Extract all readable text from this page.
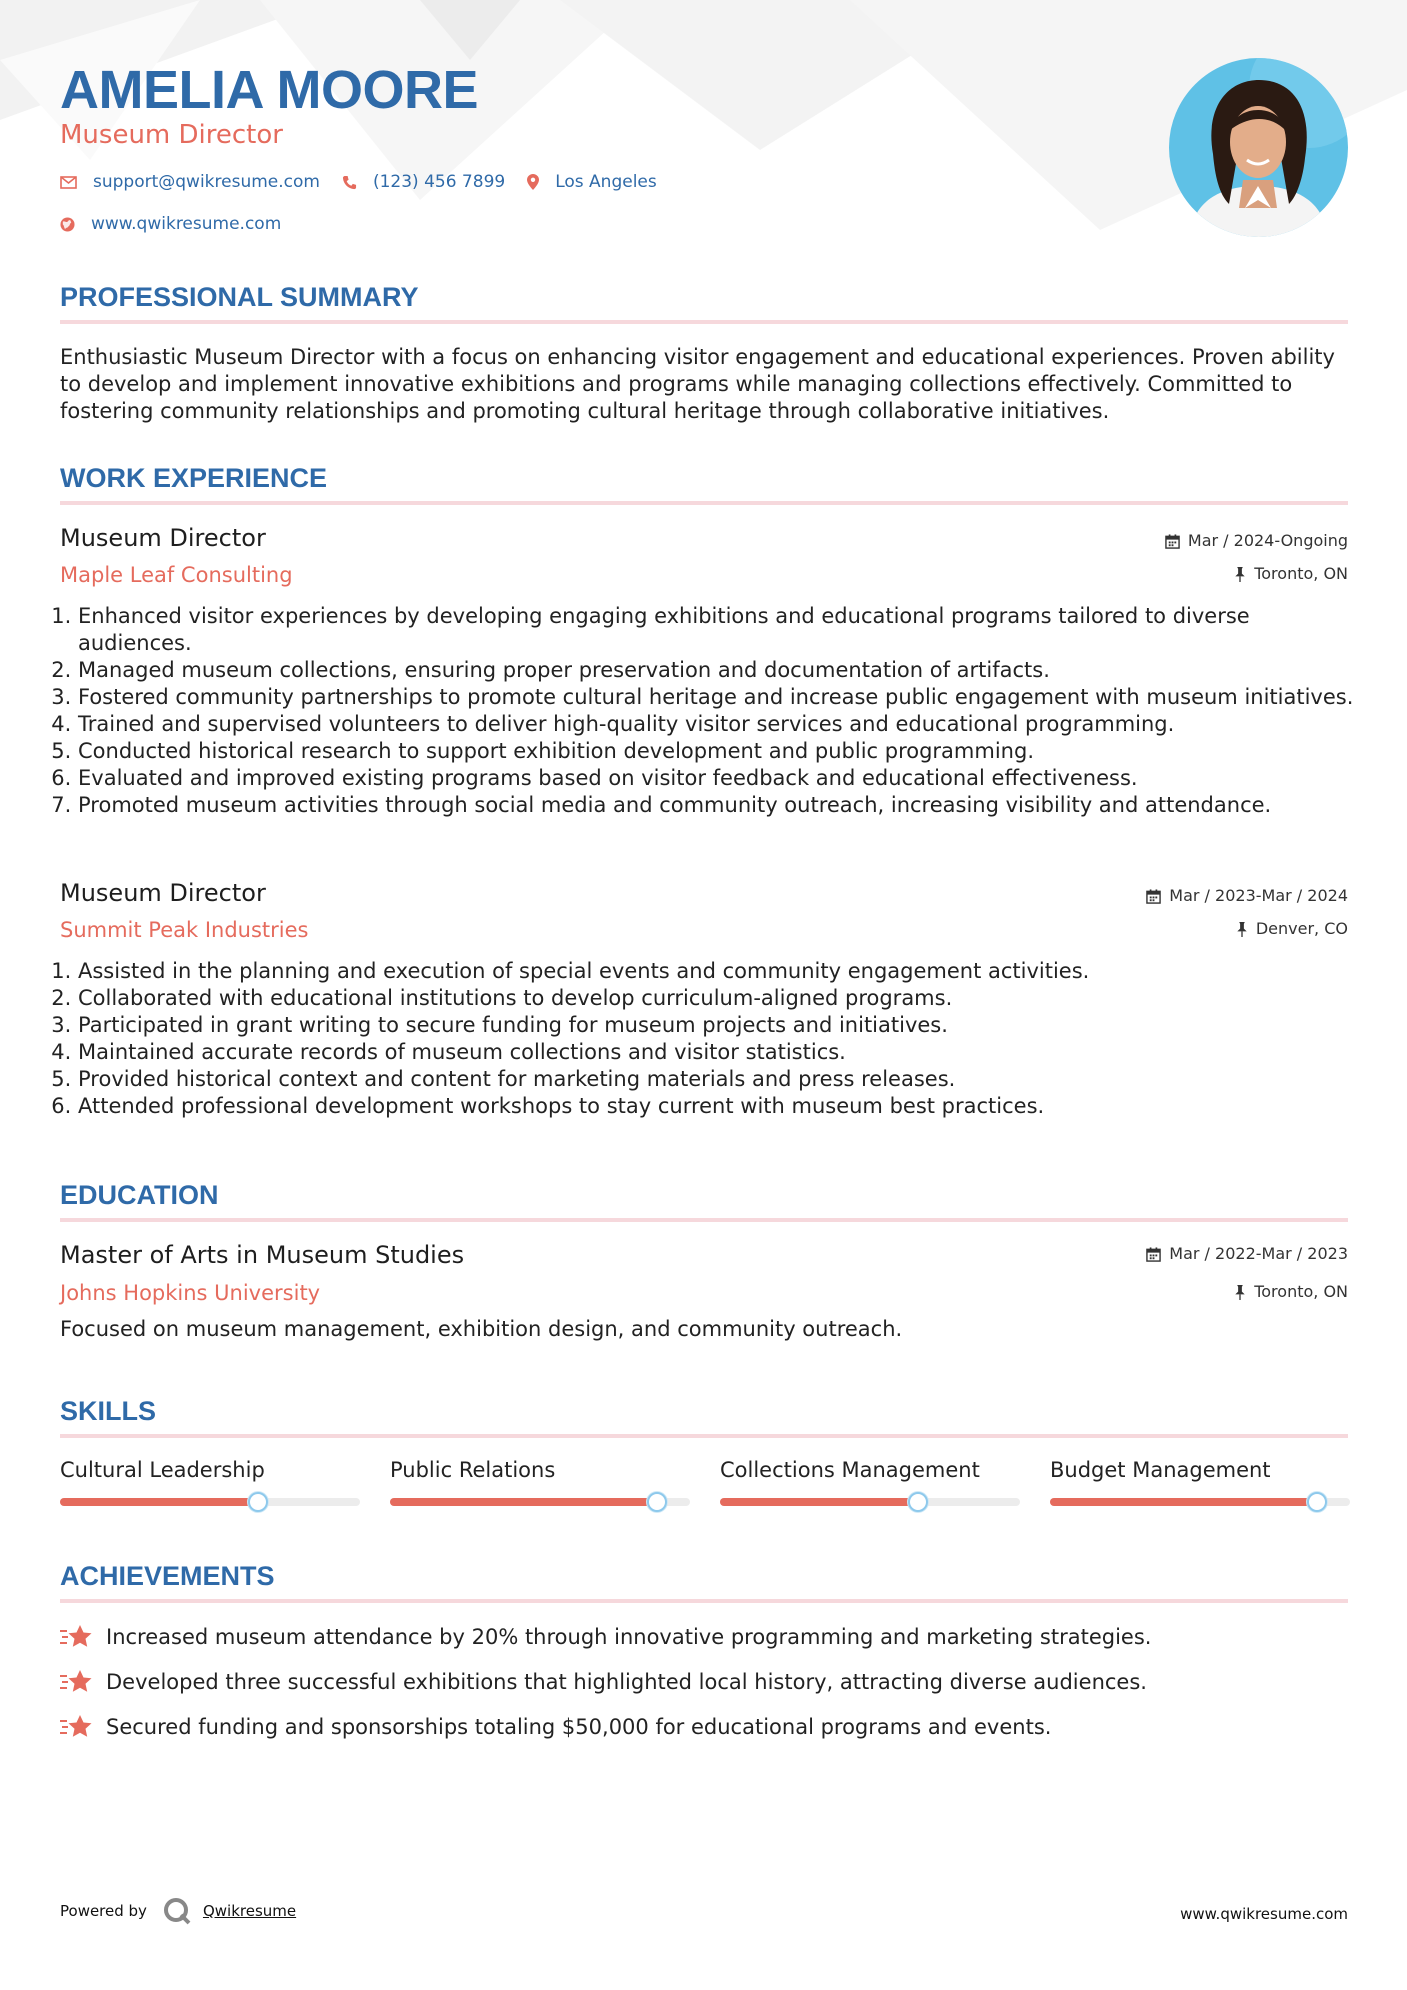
AMELIA MOORE
Museum Director
support@qwikresume.com	(123) 456 7899	Los Angeles
www.qwikresume.com
PROFESSIONAL SUMMARY
Enthusiastic Museum Director with a focus on enhancing visitor engagement and educational experiences. Proven ability to develop and implement innovative exhibitions and programs while managing collections effectively. Committed to fostering community relationships and promoting cultural heritage through collaborative initiatives.
WORK EXPERIENCE
Museum Director
Maple Leaf Consulting
Mar / 2024-Ongoing
Toronto, ON
1. Enhanced visitor experiences by developing engaging exhibitions and educational programs tailored to diverse audiences.
2. Managed museum collections, ensuring proper preservation and documentation of artifacts.
3. Fostered community partnerships to promote cultural heritage and increase public engagement with museum initiatives.
4. Trained and supervised volunteers to deliver high-quality visitor services and educational programming.
5. Conducted historical research to support exhibition development and public programming.
6. Evaluated and improved existing programs based on visitor feedback and educational effectiveness.
7. Promoted museum activities through social media and community outreach, increasing visibility and attendance.
Museum Director
Summit Peak Industries
Mar / 2023-Mar / 2024
Denver, CO
1. Assisted in the planning and execution of special events and community engagement activities.
2. Collaborated with educational institutions to develop curriculum-aligned programs.
3. Participated in grant writing to secure funding for museum projects and initiatives.
4. Maintained accurate records of museum collections and visitor statistics.
5. Provided historical context and content for marketing materials and press releases.
6. Attended professional development workshops to stay current with museum best practices.
EDUCATION
Master of Arts in Museum Studies
Johns Hopkins University
Mar / 2022-Mar / 2023
Toronto, ON
Focused on museum management, exhibition design, and community outreach.
SKILLS
Cultural Leadership	Public Relations	Collections Management	Budget Management
ACHIEVEMENTS
Increased museum attendance by 20% through innovative programming and marketing strategies.
Developed three successful exhibitions that highlighted local history, attracting diverse audiences.
Secured funding and sponsorships totaling $50,000 for educational programs and events.
Powered by	Qwikresume	www.qwikresume.com
